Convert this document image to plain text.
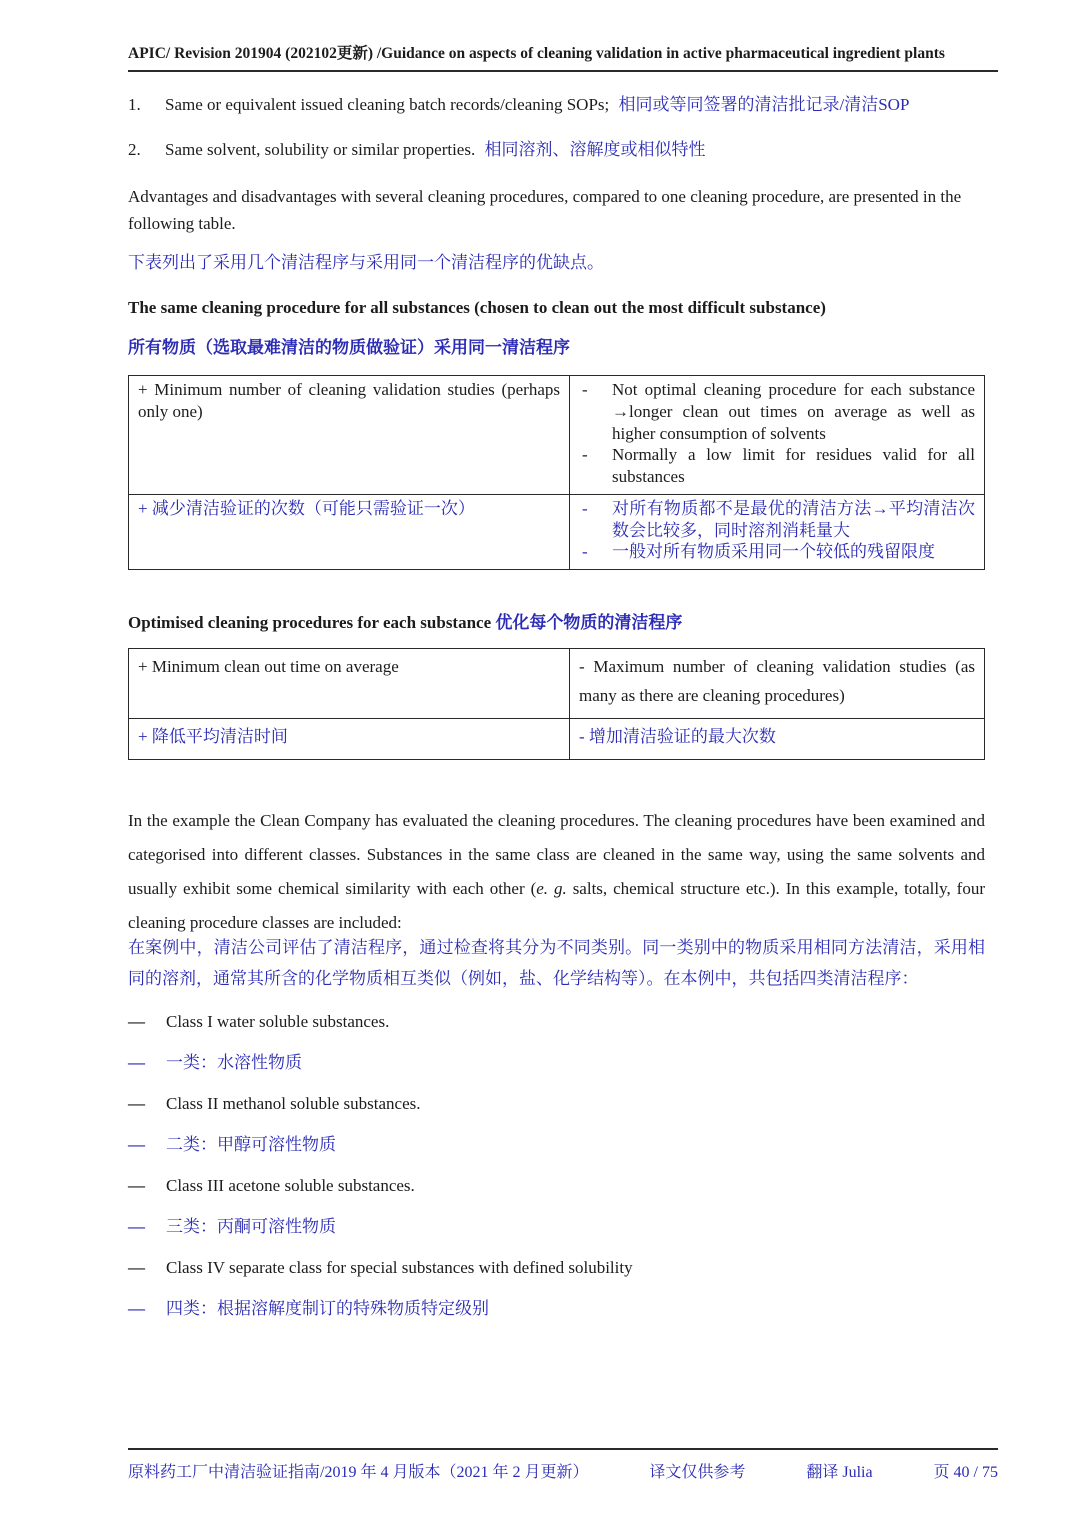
APIC/ Revision 201904 (202102更新) /Guidance on aspects of cleaning validation in active pharmaceutical ingredient plants
1.	Same or equivalent issued cleaning batch records/cleaning SOPs; 相同或等同签署的清洁批记录/清洁SOP
2.	Same solvent, solubility or similar properties. 相同溶剂、溶解度或相似特性

Advantages and disadvantages with several cleaning procedures, compared to one cleaning procedure, are presented in the following table.

下表列出了采用几个清洁程序与采用同一个清洁程序的优缺点。

The same cleaning procedure for all substances (chosen to clean out the most difficult substance)
所有物质（选取最难清洁的物质做验证）采用同一清洁程序
+ Minimum number of cleaning validation studies (perhaps only one)	- Not optimal cleaning procedure for each substance →longer clean out times on average as well as higher consumption of solvents
- Normally a low limit for residues valid for all substances

+ 减少清洁验证的次数（可能只需验证一次）	- 对所有物质都不是最优的清洁方法→平均清洁次数会比较多，同时溶剂消耗量大
- 一般对所有物质采用同一个较低的残留限度
Optimised cleaning procedures for each substance 优化每个物质的清洁程序
+ Minimum clean out time on average	- Maximum number of cleaning validation studies (as many as there are cleaning procedures)
+ 降低平均清洁时间	- 增加清洁验证的最大次数

In the example the Clean Company has evaluated the cleaning procedures. The cleaning procedures have been examined and categorised into different classes. Substances in the same class are cleaned in the same way, using the same solvents and usually exhibit some chemical similarity with each other (e. g. salts, chemical structure etc.). In this example, totally, four cleaning procedure classes are included:

在案例中，清洁公司评估了清洁程序，通过检查将其分为不同类别。同一类别中的物质采用相同方法清洁，采用相同的溶剂，通常其所含的化学物质相互类似（例如，盐、化学结构等）。在本例中，共包括四类清洁程序：

—	Class I water soluble substances.
—	一类：水溶性物质
—	Class II methanol soluble substances.
—	二类：甲醇可溶性物质
—	Class III acetone soluble substances.
—	三类：丙酮可溶性物质
—	Class IV separate class for special substances with defined solubility
—	四类：根据溶解度制订的特殊物质特定级别
原料药工厂中清洁验证指南/2019 年 4 月版本（2021 年 2 月更新）	译文仅供参考	翻译 Julia	页 40 / 75
